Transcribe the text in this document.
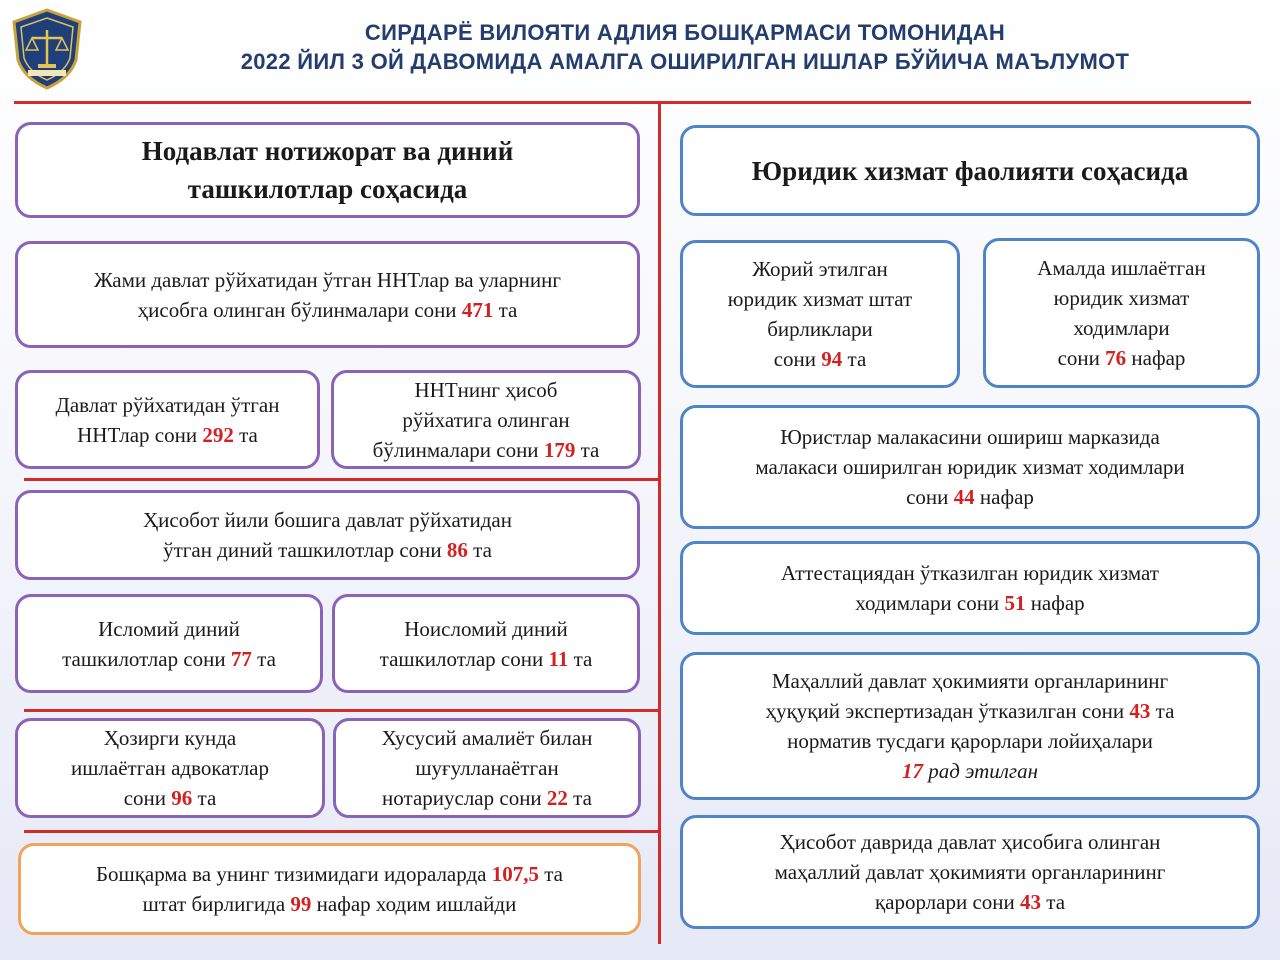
СИРДАРЁ ВИЛОЯТИ АДЛИЯ БОШҚАРМАСИ ТОМОНИДАН
2022 ЙИЛ 3 ОЙ ДАВОМИДА АМАЛГА ОШИРИЛГАН ИШЛАР БЎЙИЧА МАЪЛУМОТ
Нодавлат нотижорат ва диний
ташкилотлар соҳасида
Жами давлат рўйхатидан ўтган ННТлар ва уларнинг
ҳисобга олинган бўлинмалари сони 471 та
Давлат рўйхатидан ўтган
ННТлар сони 292 та
ННТнинг ҳисоб
рўйхатига олинган
бўлинмалари сони 179 та
Ҳисобот йили бошига давлат рўйхатидан
ўтган диний ташкилотлар сони 86 та
Исломий диний
ташкилотлар сони 77 та
Ноисломий диний
ташкилотлар сони 11 та
Ҳозирги кунда
ишлаётган адвокатлар
сони 96 та
Хусусий амалиёт билан
шуғулланаётган
нотариуслар сони 22 та
Бошқарма ва унинг тизимидаги идораларда 107,5 та
штат бирлигида 99 нафар ходим ишлайди
Юридик хизмат фаолияти соҳасида
Жорий этилган
юридик хизмат штат
бирликлари
сони 94 та
Амалда ишлаётган
юридик хизмат
ходимлари
сони 76 нафар
Юристлар малакасини ошириш марказида
малакаси оширилган юридик хизмат ходимлари
сони 44 нафар
Аттестациядан ўтказилган юридик хизмат
ходимлари сони 51 нафар
Маҳаллий давлат ҳокимияти органларининг
ҳуқуқий экспертизадан ўтказилган сони 43 та
норматив тусдаги қарорлари лойиҳалари
17 рад этилган
Ҳисобот даврида давлат ҳисобига олинган
маҳаллий давлат ҳокимияти органларининг
қарорлари сони 43 та
